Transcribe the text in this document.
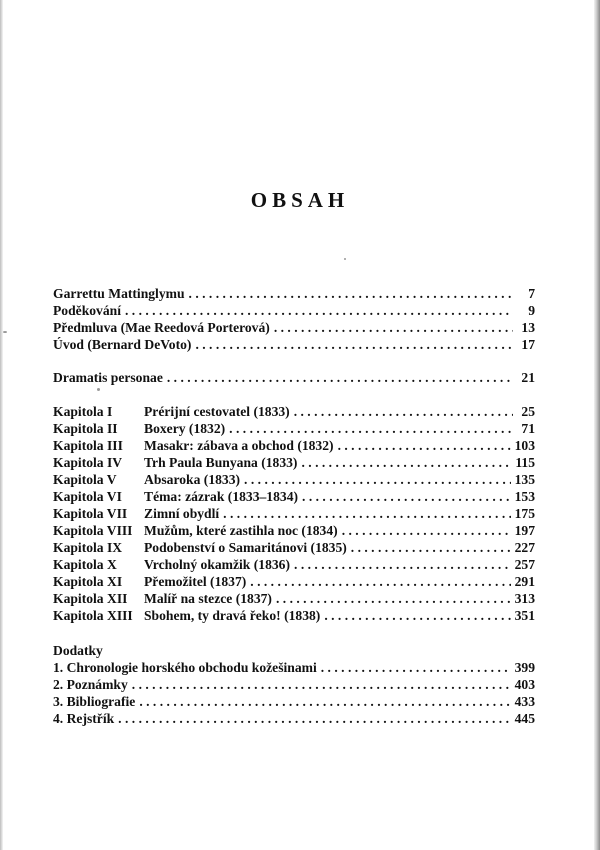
OBSAH
Garrettu Mattinglymu . . .	7
Poděkování . . .	9
Předmluva (Mae Reedová Porterová) . . .	13
Úvod (Bernard DeVoto) . . .	17
Dramatis personae . . .	21
Kapitola I	Prérijní cestovatel (1833) . . .	25
Kapitola II	Boxery (1832) . . .	71
Kapitola III	Masakr: zábava a obchod (1832) . . .	103
Kapitola IV	Trh Paula Bunyana (1833) . . .	115
Kapitola V	Absaroka (1833) . . .	135
Kapitola VI	Téma: zázrak (1833–1834) . . .	153
Kapitola VII	Zimní obydlí . . .	175
Kapitola VIII Mužům, které zastihla noc (1834) . . .	197
Kapitola IX	Podobenství o Samaritánovi (1835) . . .	227
Kapitola X	Vrcholný okamžik (1836) . . .	257
Kapitola XI	Přemožitel (1837) . . .	291
Kapitola XII	Malíř na stezce (1837) . . .	313
Kapitola XIII Sbohem, ty dravá řeko! (1838) . . .	351
Dodatky
1. Chronologie horského obchodu kožešinami . . .	399
2. Poznámky . . .	403
3. Bibliografie . . .	433
4. Rejstřík . . .	445
